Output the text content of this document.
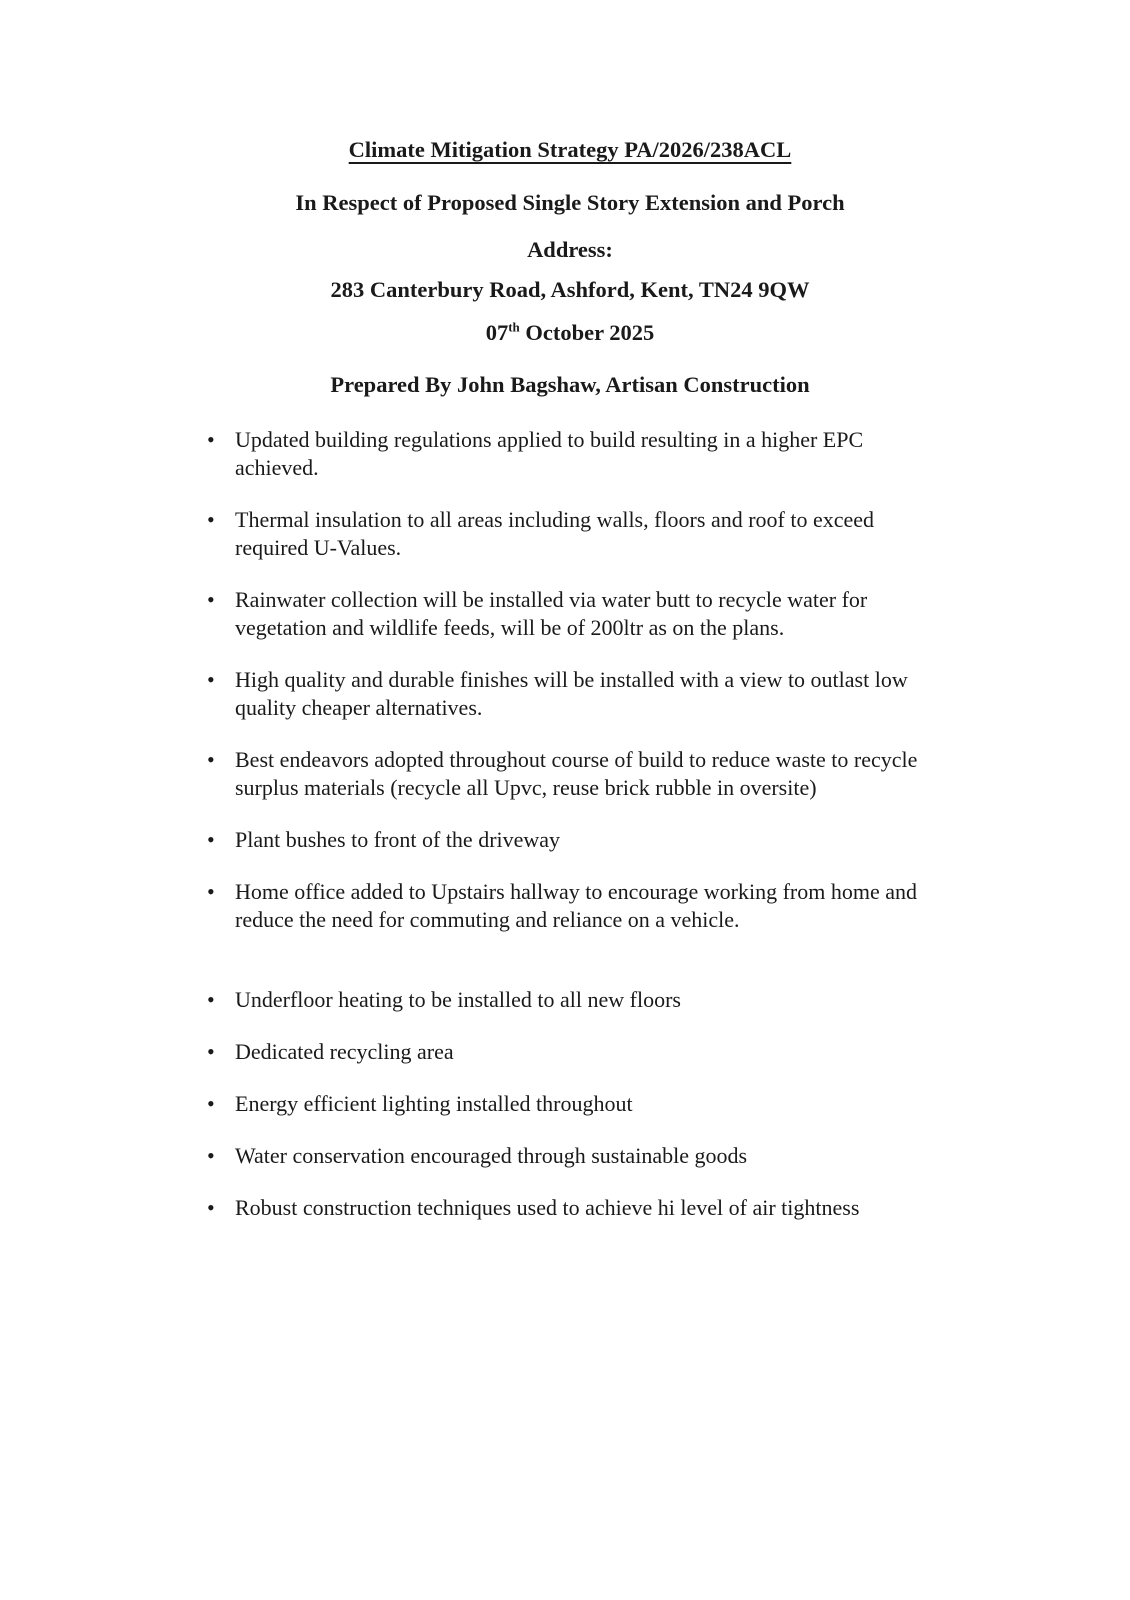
Climate Mitigation Strategy PA/2026/238ACL
In Respect of Proposed Single Story Extension and Porch
Address:
283 Canterbury Road, Ashford, Kent, TN24 9QW
07th October 2025
Prepared By John Bagshaw, Artisan Construction
• Updated building regulations applied to build resulting in a higher EPC achieved.
• Thermal insulation to all areas including walls, floors and roof to exceed required U-Values.
• Rainwater collection will be installed via water butt to recycle water for vegetation and wildlife feeds, will be of 200ltr as on the plans.
• High quality and durable finishes will be installed with a view to outlast low quality cheaper alternatives.
• Best endeavors adopted throughout course of build to reduce waste to recycle surplus materials (recycle all Upvc, reuse brick rubble in oversite)
• Plant bushes to front of the driveway
• Home office added to Upstairs hallway to encourage working from home and reduce the need for commuting and reliance on a vehicle.
• Underfloor heating to be installed to all new floors
• Dedicated recycling area
• Energy efficient lighting installed throughout
• Water conservation encouraged through sustainable goods
• Robust construction techniques used to achieve hi level of air tightness
